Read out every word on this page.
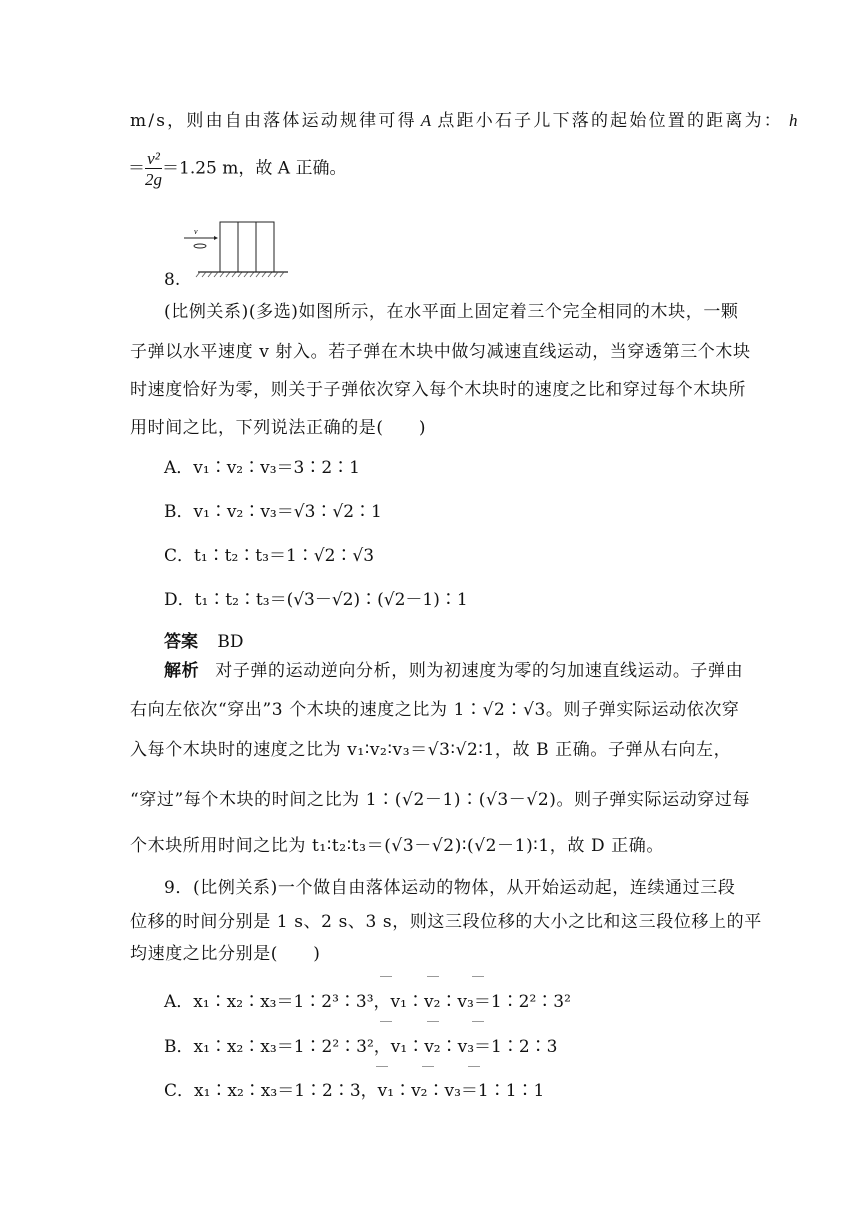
m/s，则由自由落体运动规律可得 A 点距小石子儿下落的起始位置的距离为： h
＝ $\frac{\text{v²}}{2g} =1.25$ m，故 A 正确。
v
8.
(比例关系)(多选)如图所示，在水平面上固定着三个完全相同的木块，一颗
子弹以水平速度 v 射入。若子弹在木块中做匀减速直线运动，当穿透第三个木块
时速度恰好为零，则关于子弹依次穿入每个木块时的速度之比和穿过每个木块所
用时间之比，下列说法正确的是(　　)
A．v₁∶v₂∶v₃＝3∶2∶1
B．v₁∶v₂∶v₃＝√3∶√2∶1
C．t₁∶t₂∶t₃＝1∶√2∶√3
D．t₁∶t₂∶t₃＝(√3－√2)∶(√2－1)∶1
答案 BD
解析 对子弹的运动逆向分析，则为初速度为零的匀加速直线运动。子弹由
右向左依次“穿出”3 个木块的速度之比为 1∶√2∶√3。则子弹实际运动依次穿
入每个木块时的速度之比为 v₁∶v₂∶v₃＝√3∶√2∶1，故 B 正确。子弹从右向左，
“穿过”每个木块的时间之比为 1∶(√2－1)∶(√3－√2)。则子弹实际运动穿过每
个木块所用时间之比为 t₁∶t₂∶t₃＝(√3－√2)∶(√2－1)∶1，故 D 正确。
9．(比例关系)一个做自由落体运动的物体，从开始运动起，连续通过三段
位移的时间分别是 1 s、2 s、3 s，则这三段位移的大小之比和这三段位移上的平
均速度之比分别是(　　)
A．x₁∶x₂∶x₃＝1∶2³∶3³，v₁∶v₂∶v₃＝1∶2²∶3²
B．x₁∶x₂∶x₃＝1∶2²∶3²，v₁∶v₂∶v₃＝1∶2∶3
C．x₁∶x₂∶x₃＝1∶2∶3，v₁∶v₂∶v₃＝1∶1∶1
